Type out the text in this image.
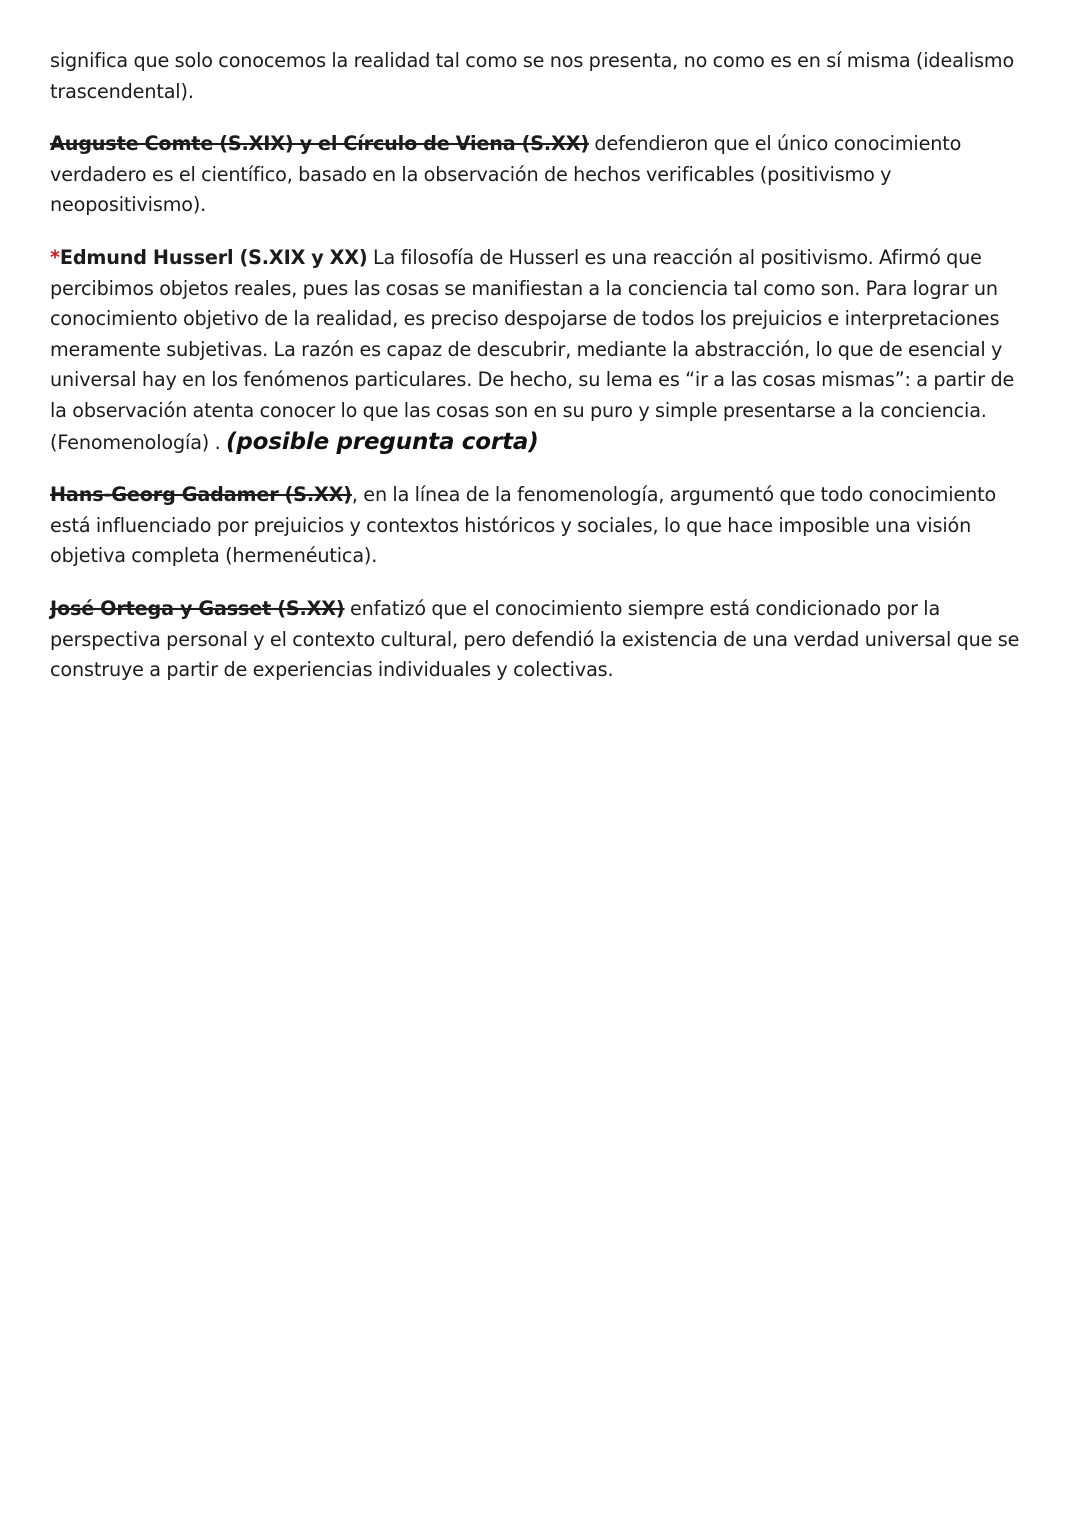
significa que solo conocemos la realidad tal como se nos presenta, no como es en sí misma (idealismo trascendental).

Auguste Comte (S.XIX) y el Círculo de Viena (S.XX) defendieron que el único conocimiento verdadero es el científico, basado en la observación de hechos verificables (positivismo y neopositivismo).

*Edmund Husserl (S.XIX y XX) La filosofía de Husserl es una reacción al positivismo. Afirmó que percibimos objetos reales, pues las cosas se manifiestan a la conciencia tal como son. Para lograr un conocimiento objetivo de la realidad, es preciso despojarse de todos los prejuicios e interpretaciones meramente subjetivas. La razón es capaz de descubrir, mediante la abstracción, lo que de esencial y universal hay en los fenómenos particulares. De hecho, su lema es “ir a las cosas mismas”: a partir de la observación atenta conocer lo que las cosas son en su puro y simple presentarse a la conciencia. (Fenomenología) . (posible pregunta corta)

Hans-Georg Gadamer (S.XX), en la línea de la fenomenología, argumentó que todo conocimiento está influenciado por prejuicios y contextos históricos y sociales, lo que hace imposible una visión objetiva completa (hermenéutica).

José Ortega y Gasset (S.XX) enfatizó que el conocimiento siempre está condicionado por la perspectiva personal y el contexto cultural, pero defendió la existencia de una verdad universal que se construye a partir de experiencias individuales y colectivas.
